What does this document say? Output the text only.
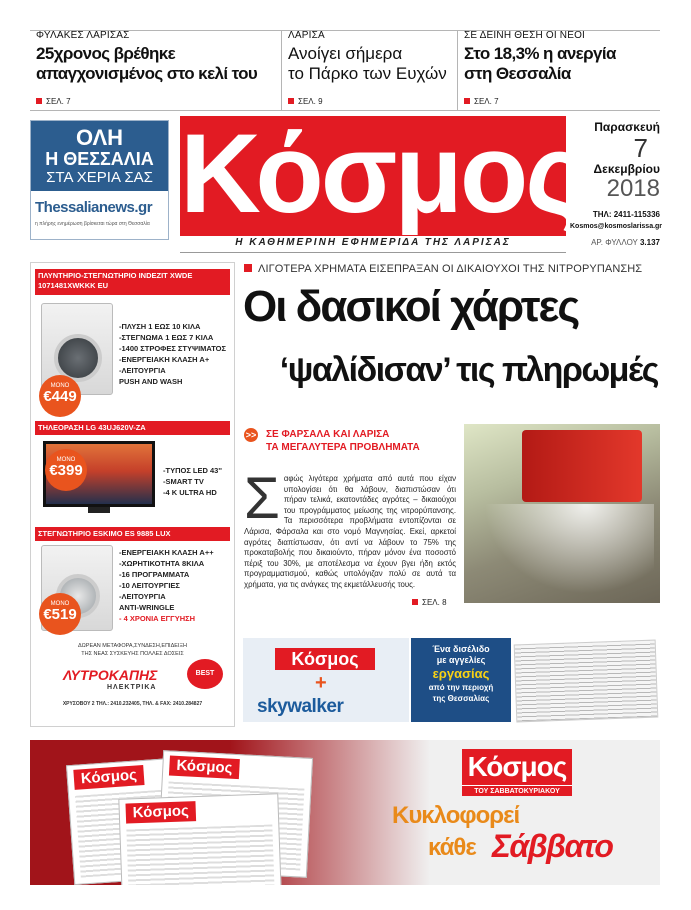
ΦΥΛΑΚΕΣ ΛΑΡΙΣΑΣ
25χρονος βρέθηκε
απαγχονισμένος στο κελί του
ΣΕΛ. 7
ΛΑΡΙΣΑ
Ανοίγει σήμερα
το Πάρκο των Ευχών
ΣΕΛ. 9
ΣΕ ΔΕΙΝΗ ΘΕΣΗ ΟΙ ΝΕΟΙ
Στο 18,3% η ανεργία
στη Θεσσαλία
ΣΕΛ. 7
ΟΛΗ
Η ΘΕΣΣΑΛΙΑ
ΣΤΑ ΧΕΡΙΑ ΣΑΣ
Thessalianews.gr
η πλήρης ενημέρωση βρίσκεται τώρα στη Θεσσαλία Κόσμος
Η ΚΑΘΗΜΕΡΙΝΗ ΕΦΗΜΕΡΙΔΑ ΤΗΣ ΛΑΡΙΣΑΣ
Παρασκευή
7
Δεκεμβρίου
2018
ΤΗΛ: 2411-115336
Kosmos@kosmoslarissa.gr
ΑΡ. ΦΥΛΛΟΥ 3.137
ΠΛΥΝΤΗΡΙΟ-ΣΤΕΓΝΩΤΗΡΙΟ INDEZIT XWDE 1071481XWKKK EU
ΜΟΝΟ
€449
-ΠΛΥΣΗ 1 ΕΩΣ 10 ΚΙΛΑ
-ΣΤΕΓΝΩΜΑ 1 ΕΩΣ 7 ΚΙΛΑ
-1400 ΣΤΡΟΦΕΣ ΣΤΥΨΙΜΑΤΟΣ
-ΕΝΕΡΓΕΙΑΚΗ ΚΛΑΣΗ Α+
-ΛΕΙΤΟΥΡΓΙΑ
PUSH AND WASH
ΤΗΛΕΟΡΑΣΗ LG 43UJ620V-ZA
ΜΟΝΟ
€399	-ΤΥΠΟΣ LED 43''
-SMART TV
-4 K ULTRA HD
ΣΤΕΓΝΩΤΗΡΙΟ ESKIMO ES 9885 LUX
ΜΟΝΟ
€519
-ΕΝΕΡΓΕΙΑΚΗ ΚΛΑΣΗ Α++
-ΧΩΡΗΤΙΚΟΤΗΤΑ 8ΚΙΛΑ
-16 ΠΡΟΓΡΑΜΜΑΤΑ
-10 ΛΕΙΤΟΥΡΓΙΕΣ
-ΛΕΙΤΟΥΡΓΙΑ
ANTI-WRINGLE
- 4 ΧΡΟΝΙΑ ΕΓΓΥΗΣΗ
ΔΩΡΕΑΝ ΜΕΤΑΦΟΡΑ,ΣΥΝΔΕΣΗ,ΕΠΙΔΕΙΞΗ
ΤΗΣ ΝΕΑΣ ΣΥΣΚΕΥΗΣ ΠΟΛΛΕΣ ΔΟΣΕΙΣ
ΛΥΤΡΟΚΑΠΗΣ
ΗΛΕΚΤΡΙΚΑ
BEST
ΧΡΥΣΟΒΟΥ 2 ΤΗΛ.: 2410.232405, ΤΗΛ. & FAX: 2410.284827
ΛΙΓΟΤΕΡΑ ΧΡΗΜΑΤΑ ΕΙΣΕΠΡΑΞΑΝ ΟΙ ΔΙΚΑΙΟΥΧΟΙ ΤΗΣ ΝΙΤΡΟΡΥΠΑΝΣΗΣ
Οι δασικοί χάρτες
‘ψαλίδισαν’ τις πληρωμές
>> ΣΕ ΦΑΡΣΑΛΑ ΚΑΙ ΛΑΡΙΣΑ
ΤΑ ΜΕΓΑΛΥΤΕΡΑ ΠΡΟΒΛΗΜΑΤΑ
Σαφώς λιγότερα χρήματα από αυτά που είχαν υπολογίσει ότι θα λάβουν, διαπιστώσαν ότι πήραν τελικά, εκατοντάδες αγρότες – δικαιούχοι του προγράμματος μείωσης της νιτρορύπανσης. Τα περισσότερα προβλήματα εντοπίζονται σε Λάρισα, Φάρσαλα και στο νομό Μαγνησίας. Εκεί, αρκετοί αγρότες διαπίστωσαν, ότι αντί να λάβουν το 75% της προκαταβολής που δικαιούντο, πήραν μόνον ένα ποσοστό πέριξ του 30%, με αποτέλεσμα να έχουν βγει ήδη εκτός προγραμματισμού, καθώς υπολόγιζαν πολύ σε αυτά τα χρήματα, για τις ανάγκες της εκμετάλλευσής τους.
ΣΕΛ. 8
Κόσμος
+
skywalker
Ένα δισέλιδο
με αγγελίες
εργασίας
από την περιοχή
της Θεσσαλίας
Κόσμος	Κόσμος
Κόσμος
Κόσμος
ΤΟΥ ΣΑΒΒΑΤΟΚΥΡΙΑΚΟΥ
Κυκλοφορεί
κάθε Σάββατο
